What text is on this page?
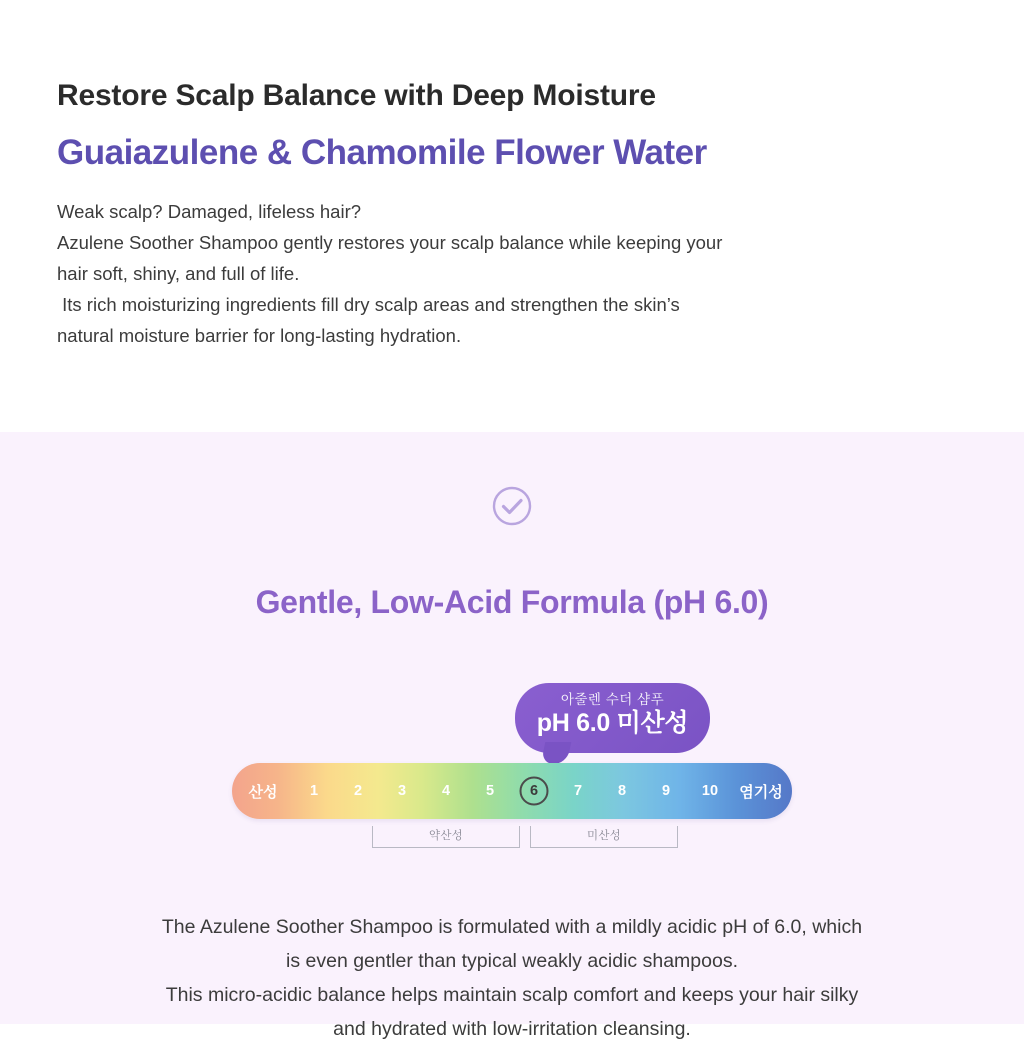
Restore Scalp Balance with Deep Moisture
Guaiazulene & Chamomile Flower Water
Weak scalp? Damaged, lifeless hair?
Azulene Soother Shampoo gently restores your scalp balance while keeping your
hair soft, shiny, and full of life.
Its rich moisturizing ingredients fill dry scalp areas and strengthen the skin’s
natural moisture barrier for long-lasting hydration.
Gentle, Low-Acid Formula (pH 6.0)
아줄렌 수더 샴푸
pH 6.0 미산성
산성	1	2	3	4	5	6	7	8	9	10	염기성
약산성	미산성
The Azulene Soother Shampoo is formulated with a mildly acidic pH of 6.0, which
is even gentler than typical weakly acidic shampoos.
This micro-acidic balance helps maintain scalp comfort and keeps your hair silky
and hydrated with low-irritation cleansing.
